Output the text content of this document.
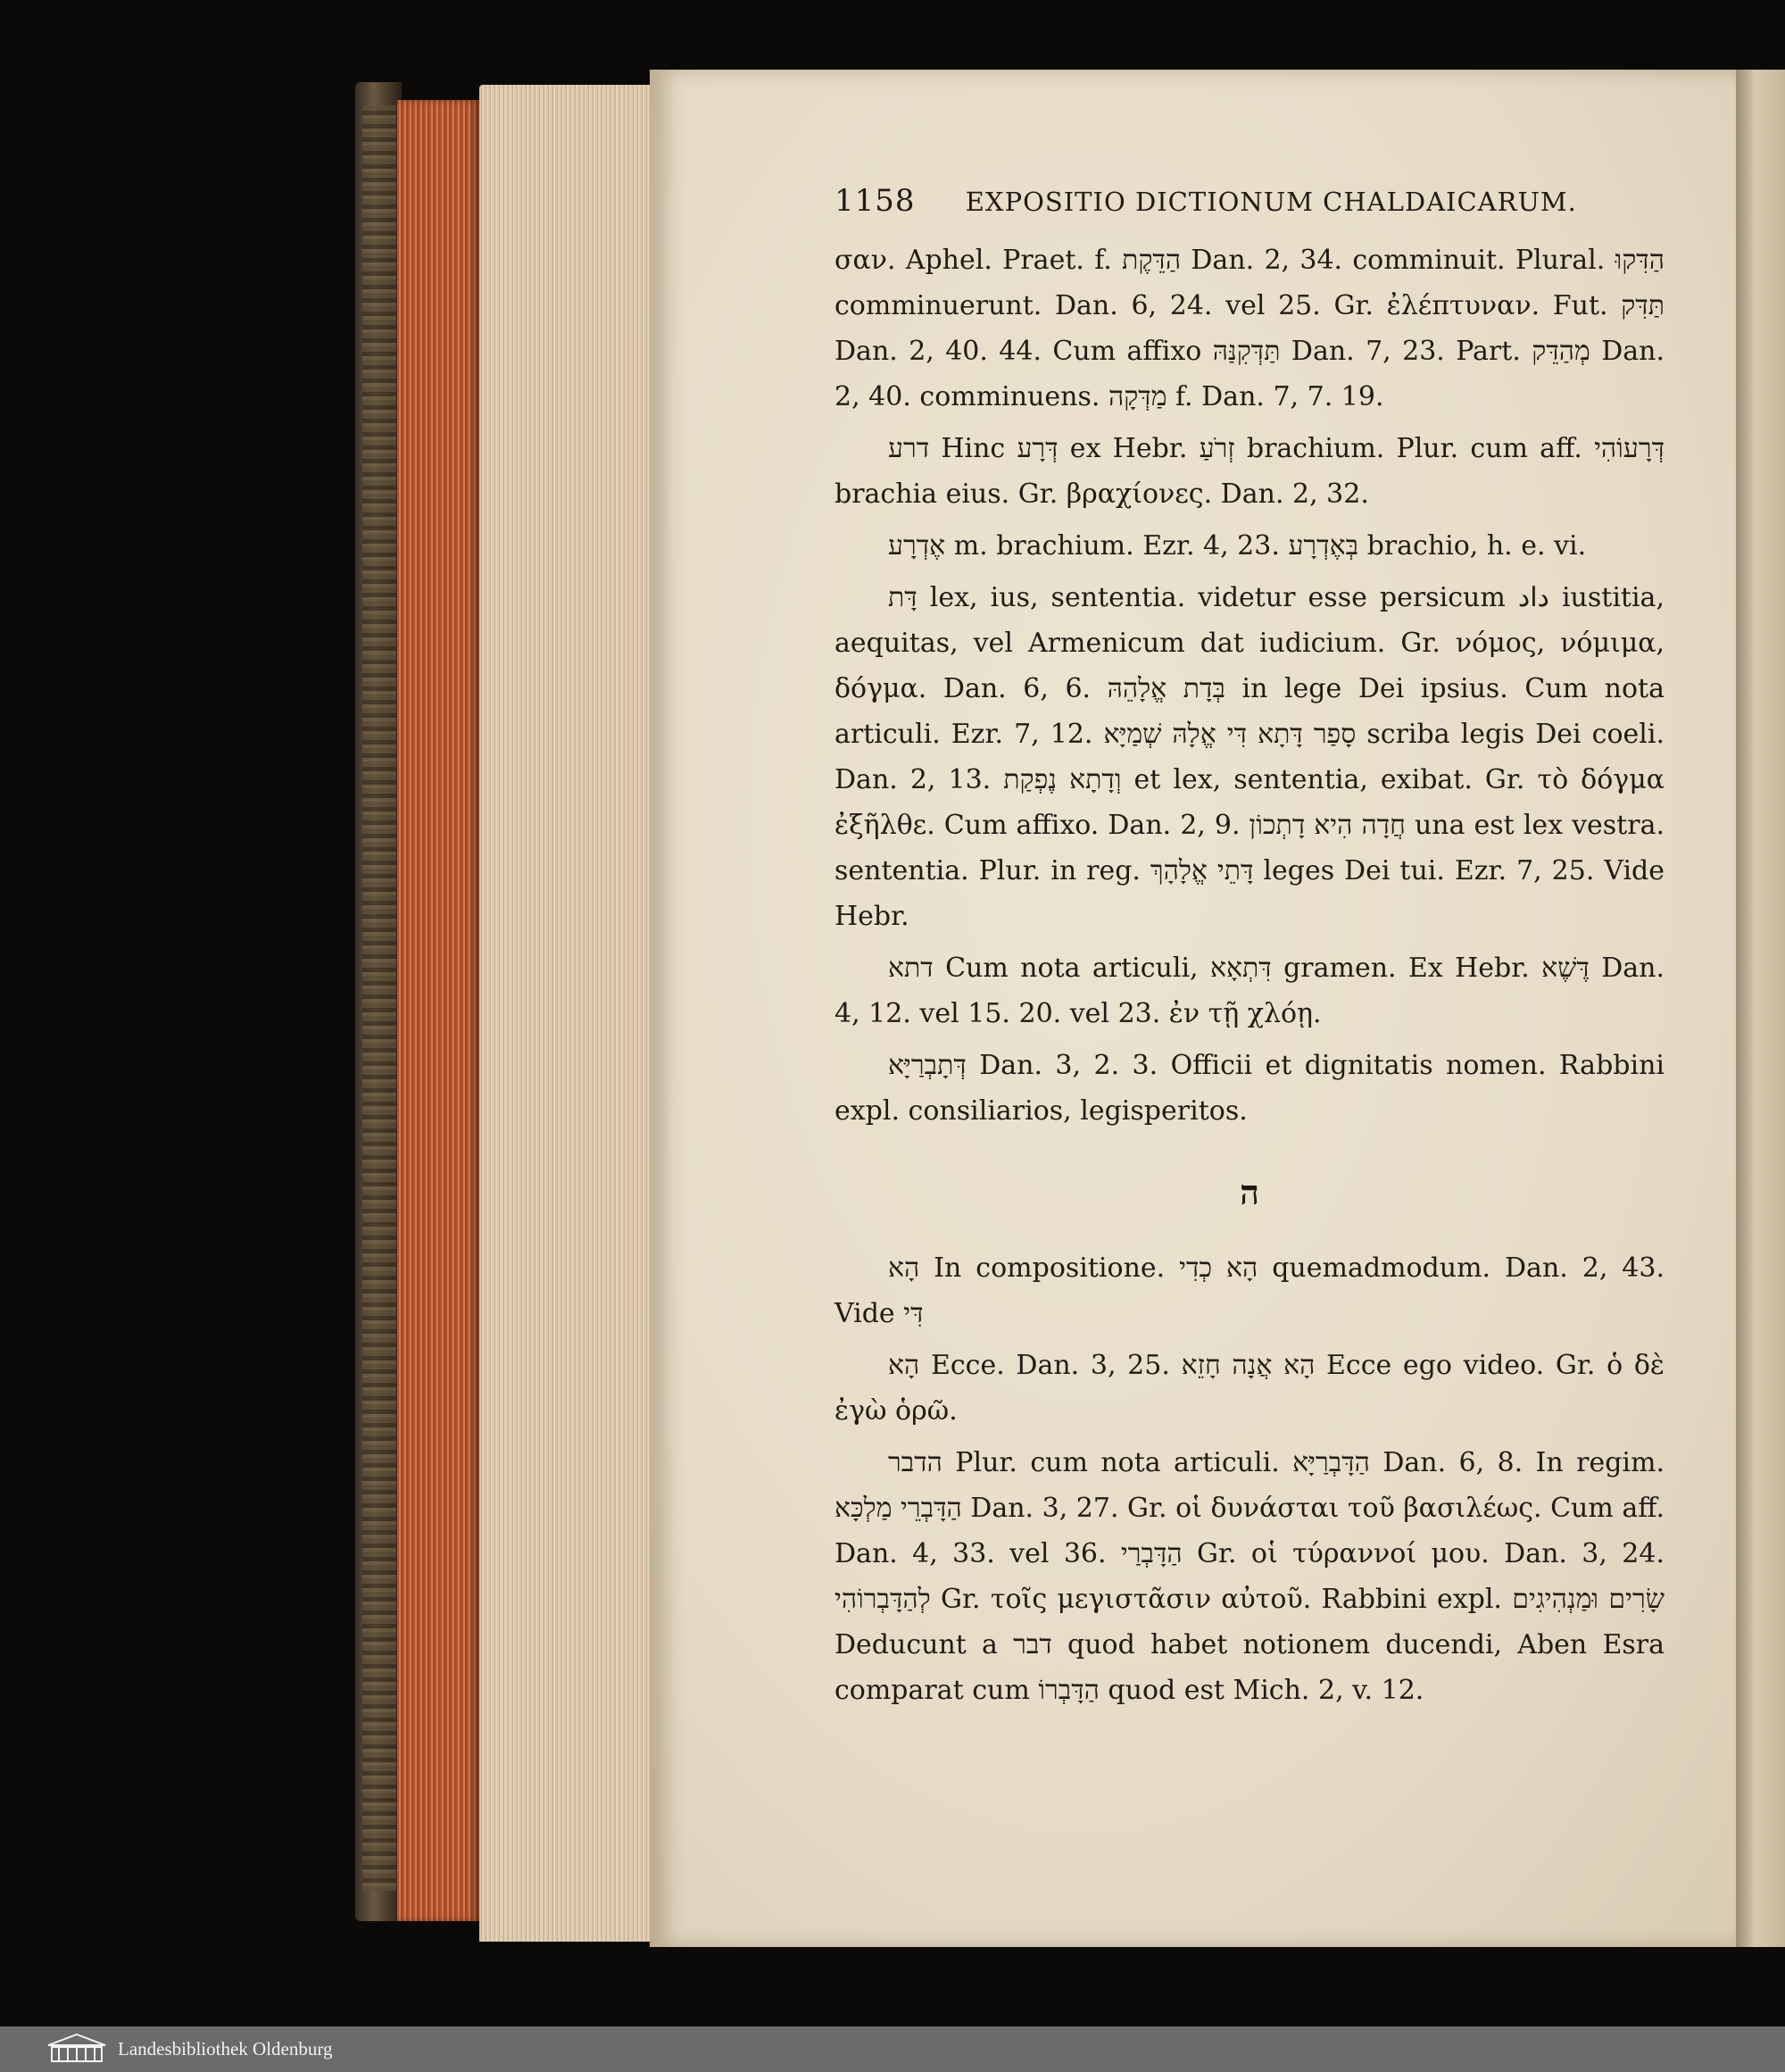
1158 EXPOSITIO DICTIONUM CHALDAICARUM.

σαν. Aphel. Praet. f. הַדֵּקֶת Dan. 2, 34. comminuit. Plural. הַדִּקוּ comminuerunt. Dan. 6, 24. vel 25. Gr. ἐλέπτυναν. Fut. תַּדִּק Dan. 2, 40. 44. Cum affixo תַּדְּקִנַּהּ Dan. 7, 23. Part. מְהַדֵּק Dan. 2, 40. comminuens. מַדְּקָה f. Dan. 7, 7. 19.

דרע Hinc דְּרָע ex Hebr. זְרֹעַ brachium. Plur. cum aff. דְּרָעוֹהִי brachia eius. Gr. βραχίονες. Dan. 2, 32.

אֶדְרָע m. brachium. Ezr. 4, 23. בְּאֶדְרָע brachio, h. e. vi.

דָּת lex, ius, sententia. videtur esse persicum داد iustitia, aequitas, vel Armenicum dat iudicium. Gr. νόμος, νόμιμα, δόγμα. Dan. 6, 6. בְּדָת אֱלָהֵהּ in lege Dei ipsius. Cum nota articuli. Ezr. 7, 12. סָפַר דָּתָא דִּי אֱלָהּ שְׁמַיָּא scriba legis Dei coeli. Dan. 2, 13. וְדָתָא נֶפְקַת et lex, sententia, exibat. Gr. τὸ δόγμα ἐξῆλθε. Cum affixo. Dan. 2, 9. חֲדָה הִיא דָתְכוֹן una est lex vestra. sententia. Plur. in reg. דָּתֵי אֱלָהָךְ leges Dei tui. Ezr. 7, 25. Vide Hebr.

דתא Cum nota articuli, דִּתְאָא gramen. Ex Hebr. דֶּשֶׁא Dan. 4, 12. vel 15. 20. vel 23. ἐν τῇ χλόῃ.

דְּתָבְרַיָּא Dan. 3, 2. 3. Officii et dignitatis nomen. Rabbini expl. consiliarios, legisperitos.

ה

הָא In compositione. הָא כְדִי quemadmodum. Dan. 2, 43. Vide דִּי

הָא Ecce. Dan. 3, 25. הָא אֲנָה חָזֵא Ecce ego video. Gr. ὁ δὲ ἐγὼ ὁρῶ.

הדבר Plur. cum nota articuli. הַדָּבְרַיָּא Dan. 6, 8. In regim. הַדָּבְרֵי מַלְכָּא Dan. 3, 27. Gr. οἱ δυνάσται τοῦ βασιλέως. Cum aff. Dan. 4, 33. vel 36. הַדָּבְרַי Gr. οἱ τύραννοί μου. Dan. 3, 24. לְהַדָּבְרוֹהִי Gr. τοῖς μεγιστᾶσιν αὐτοῦ. Rabbini expl. שָׂרִים וּמַנְהִיגִים Deducunt a דבר quod habet notionem ducendi, Aben Esra comparat cum הַדָּבְרוֹ quod est Mich. 2, v. 12.

Landesbibliothek Oldenburg
